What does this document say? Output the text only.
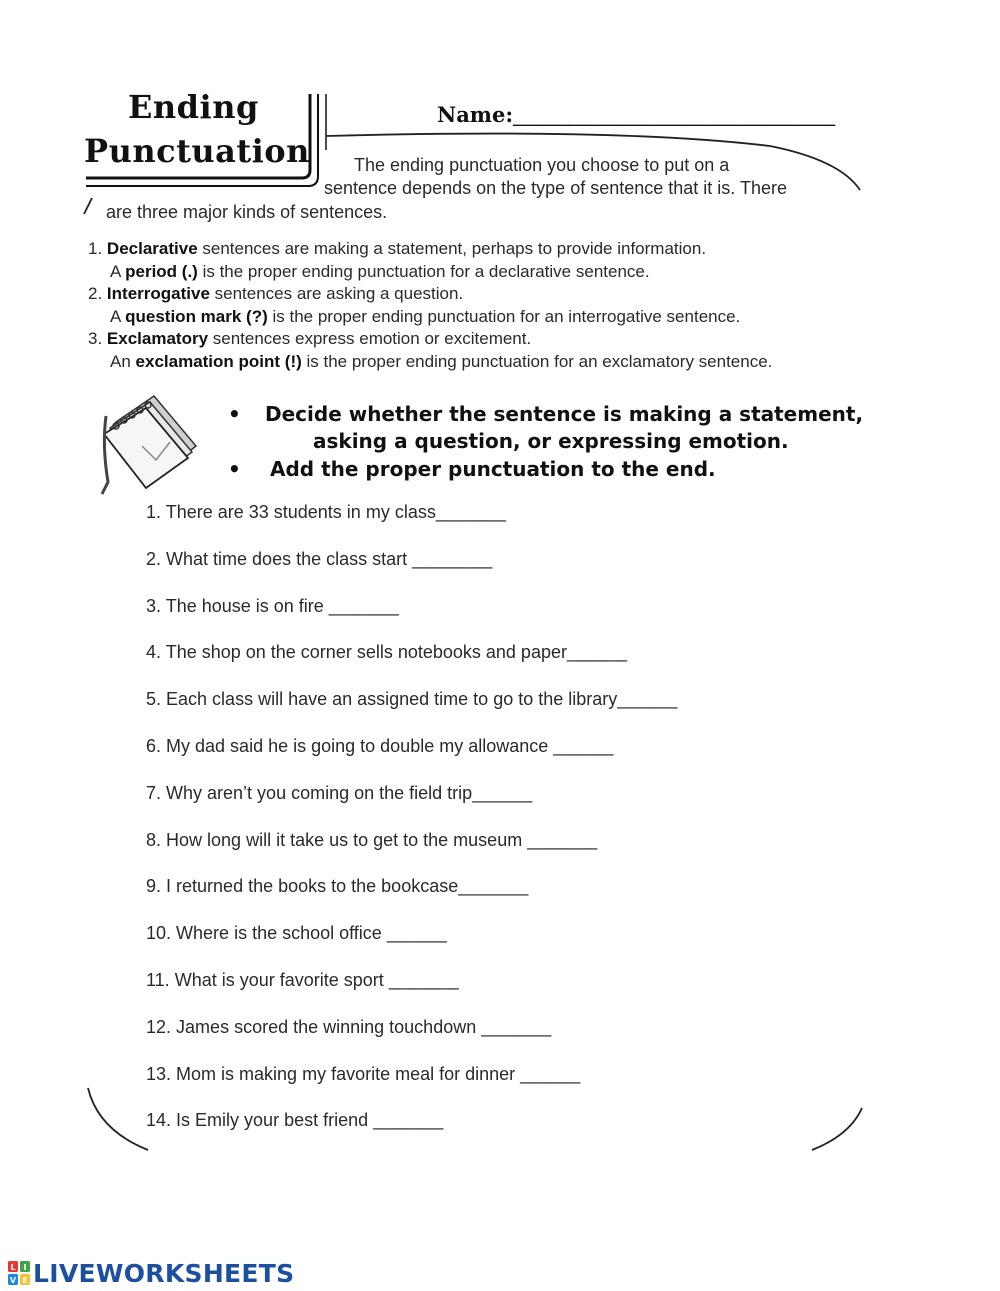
Ending
Punctuation
Name:_____________________________
The ending punctuation you choose to put on a
sentence depends on the type of sentence that it is. There
are three major kinds of sentences.
1. Declarative sentences are making a statement, perhaps to provide information.
A period (.) is the proper ending punctuation for a declarative sentence.
2. Interrogative sentences are asking a question.
A question mark (?) is the proper ending punctuation for an interrogative sentence.
3. Exclamatory sentences express emotion or excitement.
An exclamation point (!) is the proper ending punctuation for an exclamatory sentence.
• Decide whether the sentence is making a statement,
asking a question, or expressing emotion.
• Add the proper punctuation to the end.
1. There are 33 students in my class_______
2. What time does the class start ________
3. The house is on fire _______
4. The shop on the corner sells notebooks and paper______
5. Each class will have an assigned time to go to the library______
6. My dad said he is going to double my allowance ______
7. Why aren’t you coming on the field trip______
8. How long will it take us to get to the museum _______
9. I returned the books to the bookcase_______
10. Where is the school office ______
11. What is your favorite sport _______
12. James scored the winning touchdown _______
13. Mom is making my favorite meal for dinner ______
14. Is Emily your best friend _______
L I
V E LIVEWORKSHEETS
